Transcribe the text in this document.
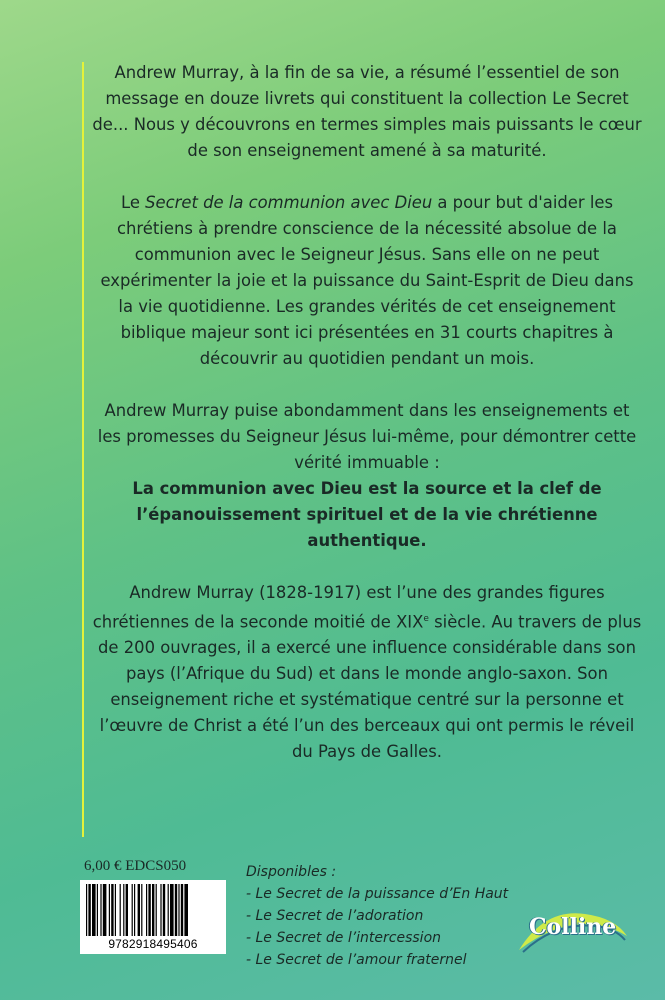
Andrew Murray, à la fin de sa vie, a résumé l’essentiel de son message en douze livrets qui constituent la collection Le Secret de... Nous y découvrons en termes simples mais puissants le cœur de son enseignement amené à sa maturité.

Le Secret de la communion avec Dieu a pour but d'aider les chrétiens à prendre conscience de la nécessité absolue de la communion avec le Seigneur Jésus. Sans elle on ne peut expérimenter la joie et la puissance du Saint-Esprit de Dieu dans la vie quotidienne. Les grandes vérités de cet enseignement biblique majeur sont ici présentées en 31 courts chapitres à découvrir au quotidien pendant un mois.

Andrew Murray puise abondamment dans les enseignements et les promesses du Seigneur Jésus lui-même, pour démontrer cette vérité immuable :
La communion avec Dieu est la source et la clef de l’épanouissement spirituel et de la vie chrétienne authentique.

Andrew Murray (1828-1917) est l’une des grandes figures chrétiennes de la seconde moitié de XIXe siècle. Au travers de plus de 200 ouvrages, il a exercé une influence considérable dans son pays (l’Afrique du Sud) et dans le monde anglo-saxon. Son enseignement riche et systématique centré sur la personne et l’œuvre de Christ a été l’un des berceaux qui ont permis le réveil du Pays de Galles.

6,00 € EDCS050
9782918495406
Disponibles :
- Le Secret de la puissance d’En Haut
- Le Secret de l’adoration
- Le Secret de l’intercession
- Le Secret de l’amour fraternel
Colline
